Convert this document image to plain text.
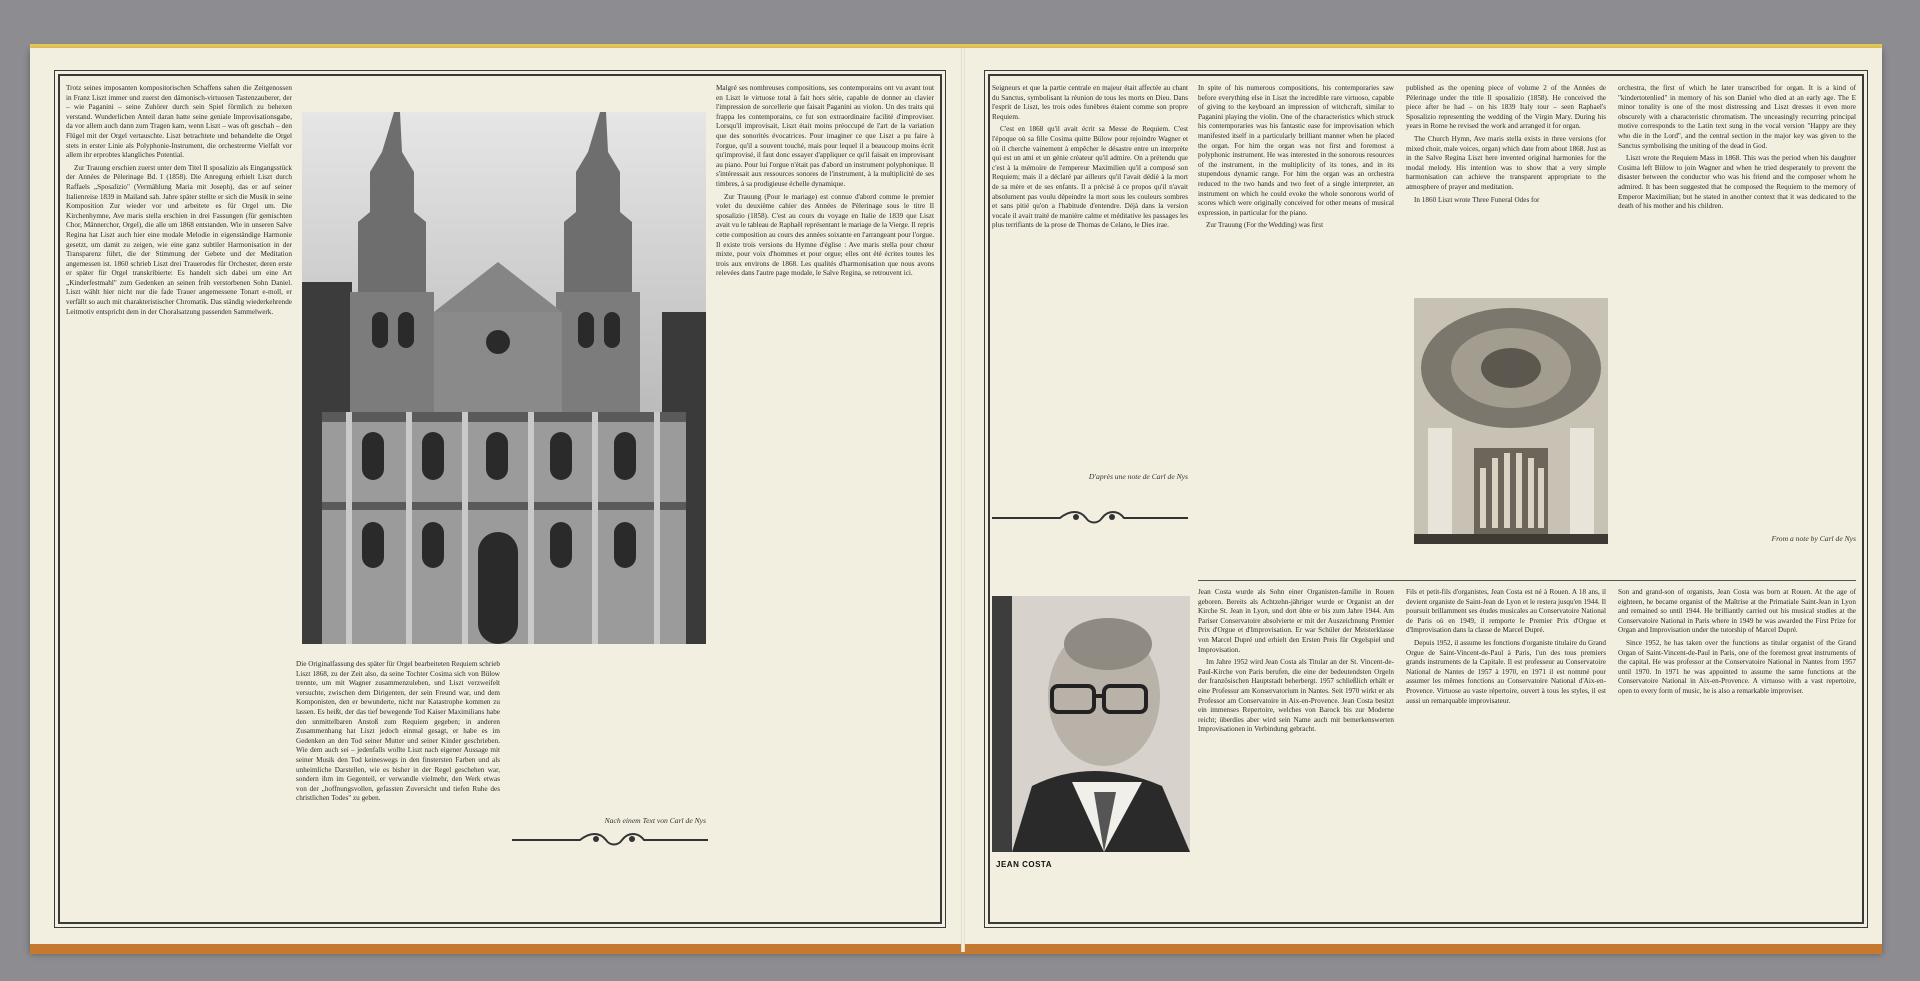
Trotz seines imposanten kompositorischen Schaffens sahen die Zeitgenossen in Franz Liszt immer und zuerst den dämonisch-virtuosen Tastenzauberer, der – wie Paganini – seine Zuhörer durch sein Spiel förmlich zu behexen verstand. Wunderlichen Anteil daran hatte seine geniale Improvisationsgabe, da vor allem auch dann zum Tragen kam, wenn Liszt – was oft geschah – den Flügel mit der Orgel vertauschte. Liszt betrachtete und behandelte die Orgel stets in erster Linie als Polyphonie-Instrument, die orchestrerme Vielfalt vor allem ihr erprobtes klangliches Potential.

Zur Trauung erschien zuerst unter dem Titel Il sposalizio als Eingangsstück der Années de Pèlerinage Bd. I (1858). Die Anregung erhielt Liszt durch Raffaels „Sposalizio" (Vermählung Maria mit Joseph), das er auf seiner Italienreise 1839 in Mailand sah. Jahre später stellte er sich die Musik in seine Komposition Zur wieder vor und arbeitete es für Orgel um. Die Kirchenhymne, Ave maris stella erschien in drei Fassungen (für gemischten Chor, Männerchor, Orgel), die alle um 1868 entstanden. Wie in unseren Salve Regina hat Liszt auch hier eine modale Melodie in eigenständige Harmonie gesetzt, um damit zu zeigen, wie eine ganz subtiler Harmonisation in der Transparenz führt, die der Stimmung der Gebete und der Meditation angemessen ist. 1860 schrieb Liszt drei Trauerodes für Orchester, deren erste er später für Orgel transkribierte: Es handelt sich dabei um eine Art „Kinderfestmahl" zum Gedenken an seinen früh verstorbenen Sohn Daniel. Liszt wählt hier nicht nur die fade Trauer angemessene Tonart e-moll, er verfällt so auch mit charakteristischer Chromatik. Das ständig wiederkehrende Leitmotiv entspricht dem in der Choralsatzung passenden Sammelwerk.

Die Originalfassung des später für Orgel bearbeiteten Requiem schrieb Liszt 1868, zu der Zeit also, da seine Tochter Cosima sich von Bülow trennte, um mit Wagner zusammenzuleben, und Liszt verzweifelt versuchte, zwischen dem Dirigenten, der sein Freund war, und dem Komponisten, den er bewunderte, nicht nur Katastrophe kommen zu lassen. Es heißt, der das tief bewegende Tod Kaiser Maximilians habe den unmittelbaren Anstoß zum Requiem gegeben; in anderen Zusammenhang hat Liszt jedoch einmal gesagt, er habe es im Gedenken an den Tod seiner Mutter und seiner Kinder geschrieben. Wie dem auch sei – jedenfalls wollte Liszt nach eigener Aussage mit seiner Musik den Tod keineswegs in den finstersten Farben und als unheimliche Darstellen, wie es bisher in der Regel geschehen war, sondern ihm im Gegenteil, er verwandle vielmehr, den Werk etwas von der „hoffnungsvollen, gefassten Zuversicht und tiefen Ruhe des christlichen Todes" zu geben.

Malgré ses nombreuses compositions, ses contemporains ont vu avant tout en Liszt le virtuose total à fait hors série, capable de donner au clavier l'impression de sorcellerie que faisait Paganini au violon. Un des traits qui frappa les contemporains, ce fut son extraordinaire facilité d'improviser. Lorsqu'il improvisait, Liszt était moins préoccupé de l'art de la variation que des sonorités évocatrices. Pour imaginer ce que Liszt a pu faire à l'orgue, qu'il a souvent touché, mais pour lequel il a beaucoup moins écrit qu'improvisé, il faut donc essayer d'appliquer ce qu'il faisait en improvisant au piano. Pour lui l'orgue n'était pas d'abord un instrument polyphonique. Il s'intéressait aux ressources sonores de l'instrument, à la multiplicité de ses timbres, à sa prodigieuse échelle dynamique.

Zur Trauung (Pour le mariage) est connue d'abord comme le premier volet du deuxième cahier des Années de Pèlerinage sous le titre Il sposalizio (1858). C'est au cours du voyage en Italie de 1839 que Liszt avait vu le tableau de Raphaël représentant le mariage de la Vierge. Il repris cette composition au cours des années soixante en l'arrangeant pour l'orgue. Il existe trois versions du Hymne d'église : Ave maris stella pour chœur mixte, pour voix d'hommes et pour orgue; elles ont été écrites toutes les trois aux environs de 1868. Les qualités d'harmonisation que nous avons relevées dans l'autre page modale, le Salve Regina, se retrouvent ici.

Nach einem Text von Carl de Nys

Seigneurs et que la partie centrale en majeur était affectée au chant du Sanctus, symbolisant la réunion de tous les morts en Dieu. Dans l'esprit de Liszt, les trois odes funèbres étaient comme son propre Requiem.

C'est en 1868 qu'il avait écrit sa Messe de Requiem. C'est l'époque où sa fille Cosima quitte Bülow pour rejoindre Wagner et où il cherche vainement à empêcher le désastre entre un interprète qui est un ami et un génie créateur qu'il admire. On a prétendu que c'est à la mémoire de l'empereur Maximilien qu'il a composé son Requiem; mais il a déclaré par ailleurs qu'il l'avait dédié à la mort de sa mère et de ses enfants. Il a précisé à ce propos qu'il n'avait absolument pas voulu dépeindre la mort sous les couleurs sombres et sans pitié qu'on a l'habitude d'entendre. Déjà dans la version vocale il avait traité de manière calme et méditative les passages les plus terrifiants de la prose de Thomas de Celano, le Dies irae.

D'après une note de Carl de Nys

In spite of his numerous compositions, his contemporaries saw before everything else in Liszt the incredible rare virtuoso, capable of giving to the keyboard an impression of witchcraft, similar to Paganini playing the violin. One of the characteristics which struck his contemporaries was his fantastic ease for improvisation which manifested itself in a particularly brilliant manner when he placed the organ. For him the organ was not first and foremost a polyphonic instrument. He was interested in the sonorous resources of the instrument, in the multiplicity of its tones, and in its stupendous dynamic range. For him the organ was an orchestra reduced to the two hands and two feet of a single interpreter, an instrument on which he could evoke the whole sonorous world of scores which were originally conceived for other means of musical expression, in particular for the piano.

Zur Trauung (For the Wedding) was first

published as the opening piece of volume 2 of the Années de Pèlerinage under the title Il sposalizio (1858). He conceived the piece after he had – on his 1839 Italy tour – seen Raphael's Sposalizio representing the wedding of the Virgin Mary. During his years in Rome he revised the work and arranged it for organ.

The Church Hymn, Ave maris stella exists in three versions (for mixed choir, male voices, organ) which date from about 1868. Just as in the Salve Regina Liszt here invented original harmonies for the modal melody. His intention was to show that a very simple harmonisation can achieve the transparent appropriate to the atmosphere of prayer and meditation.

In 1860 Liszt wrote Three Funeral Odes for

orchestra, the first of which he later transcribed for organ. It is a kind of "kindertotenlied" in memory of his son Daniel who died at an early age. The E minor tonality is one of the most distressing and Liszt dresses it even more obscurely with a characteristic chromatism. The unceasingly recurring principal motive corresponds to the Latin text sung in the vocal version "Happy are they who die in the Lord", and the central section in the major key was given to the Sanctus symbolising the uniting of the dead in God.

Liszt wrote the Requiem Mass in 1868. This was the period when his daughter Cosima left Bülow to join Wagner and when he tried desperately to prevent the disaster between the conductor who was his friend and the composer whom he admired. It has been suggested that he composed the Requiem to the memory of Emperor Maximilian; but he stated in another context that it was dedicated to the death of his mother and his children.

From a note by Carl de Nys
JEAN COSTA

Jean Costa wurde als Sohn einer Organisten-familie in Rouen geboren. Bereits als Achtzehn-jähriger wurde er Organist an der Kirche St. Jean in Lyon, und dort übte er bis zum Jahre 1944. Am Pariser Conservatoire absolvierte er mit der Auszeichnung Premier Prix d'Orgue et d'Improvisation. Er war Schüler der Meisterklasse von Marcel Dupré und erhielt den Ersten Preis für Orgelspiel und Improvisation.

Im Jahre 1952 wird Jean Costa als Titular an der St. Vincent-de-Paul-Kirche von Paris berufen, die eine der bedeutendsten Orgeln der französischen Hauptstadt beherbergt. 1957 schließlich erhält er eine Professur am Konservatorium in Nantes. Seit 1970 wirkt er als Professor am Conservatoire in Aix-en-Provence. Jean Costa besitzt ein immenses Repertoire, welches von Barock bis zur Moderne reicht; überdies aber wird sein Name auch mit bemerkenswerten Improvisationen in Verbindung gebracht.

Fils et petit-fils d'organistes, Jean Costa est né à Rouen. A 18 ans, il devient organiste de Saint-Jean de Lyon et le restera jusqu'en 1944. Il poursuit brillamment ses études musicales au Conservatoire National de Paris où en 1949, il remporte le Premier Prix d'Orgue et d'Improvisation dans la classe de Marcel Dupré.

Depuis 1952, il assume les fonctions d'organiste titulaire du Grand Orgue de Saint-Vincent-de-Paul à Paris, l'un des tous premiers grands instruments de la Capitale. Il est professeur au Conservatoire National de Nantes de 1957 à 1970, en 1971 il est nommé pour assumer les mêmes fonctions au Conservatoire National d'Aix-en-Provence. Virtuose au vaste répertoire, ouvert à tous les styles, il est aussi un remarquable improvisateur.

Son and grand-son of organists, Jean Costa was born at Rouen. At the age of eighteen, he became organist of the Maîtrise at the Primatiale Saint-Jean in Lyon and remained so until 1944. He brilliantly carried out his musical studies at the Conservatoire National in Paris where in 1949 he was awarded the First Prize for Organ and Improvisation under the tutorship of Marcel Dupré.

Since 1952, he has taken over the functions as titular organist of the Grand Organ of Saint-Vincent-de-Paul in Paris, one of the foremost great instruments of the capital. He was professor at the Conservatoire National in Nantes from 1957 until 1970. In 1971 he was appointed to assume the same functions at the Conservatoire National in Aix-en-Provence. A virtuoso with a vast repertoire, open to every form of music, he is also a remarkable improviser.
